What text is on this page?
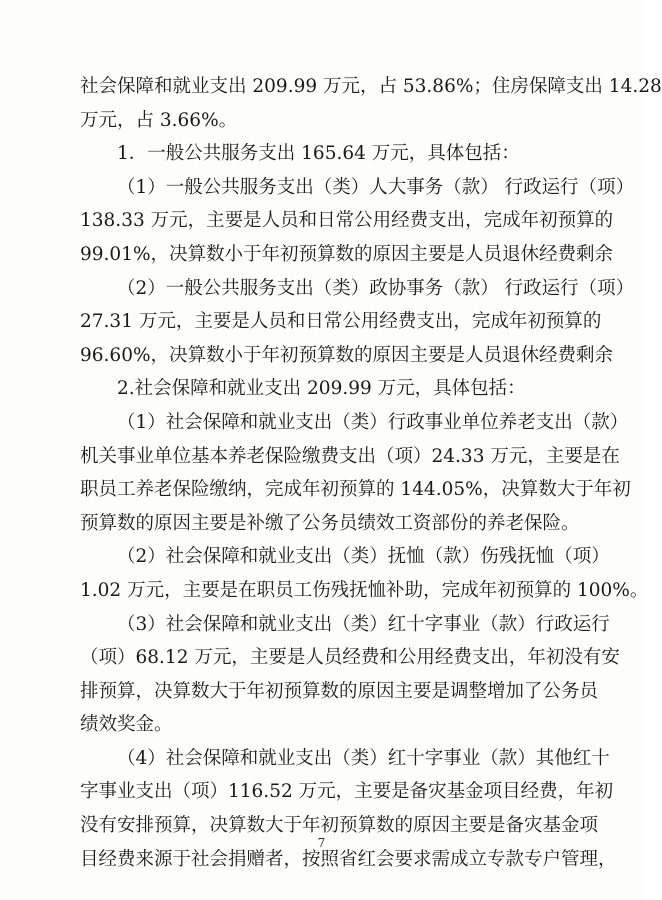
社会保障和就业支出 209.99 万元，占 53.86%；住房保障支出 14.28
万元，占 3.66%。
1．一般公共服务支出 165.64 万元，具体包括：
（1）一般公共服务支出（类）人大事务（款） 行政运行（项）
138.33 万元，主要是人员和日常公用经费支出，完成年初预算的
99.01%，决算数小于年初预算数的原因主要是人员退休经费剩余
（2）一般公共服务支出（类）政协事务（款） 行政运行（项）
27.31 万元，主要是人员和日常公用经费支出，完成年初预算的
96.60%，决算数小于年初预算数的原因主要是人员退休经费剩余
2.社会保障和就业支出 209.99 万元，具体包括：
（1）社会保障和就业支出（类）行政事业单位养老支出（款）
机关事业单位基本养老保险缴费支出（项）24.33 万元，主要是在
职员工养老保险缴纳，完成年初预算的 144.05%，决算数大于年初
预算数的原因主要是补缴了公务员绩效工资部份的养老保险。
（2）社会保障和就业支出（类）抚恤（款）伤残抚恤（项）
1.02 万元，主要是在职员工伤残抚恤补助，完成年初预算的 100%。
（3）社会保障和就业支出（类）红十字事业（款）行政运行
（项）68.12 万元，主要是人员经费和公用经费支出，年初没有安
排预算，决算数大于年初预算数的原因主要是调整增加了公务员
绩效奖金。
（4）社会保障和就业支出（类）红十字事业（款）其他红十
字事业支出（项）116.52 万元，主要是备灾基金项目经费，年初
没有安排预算，决算数大于年初预算数的原因主要是备灾基金项
目经费来源于社会捐赠者，按照省红会要求需成立专款专户管理，
7
